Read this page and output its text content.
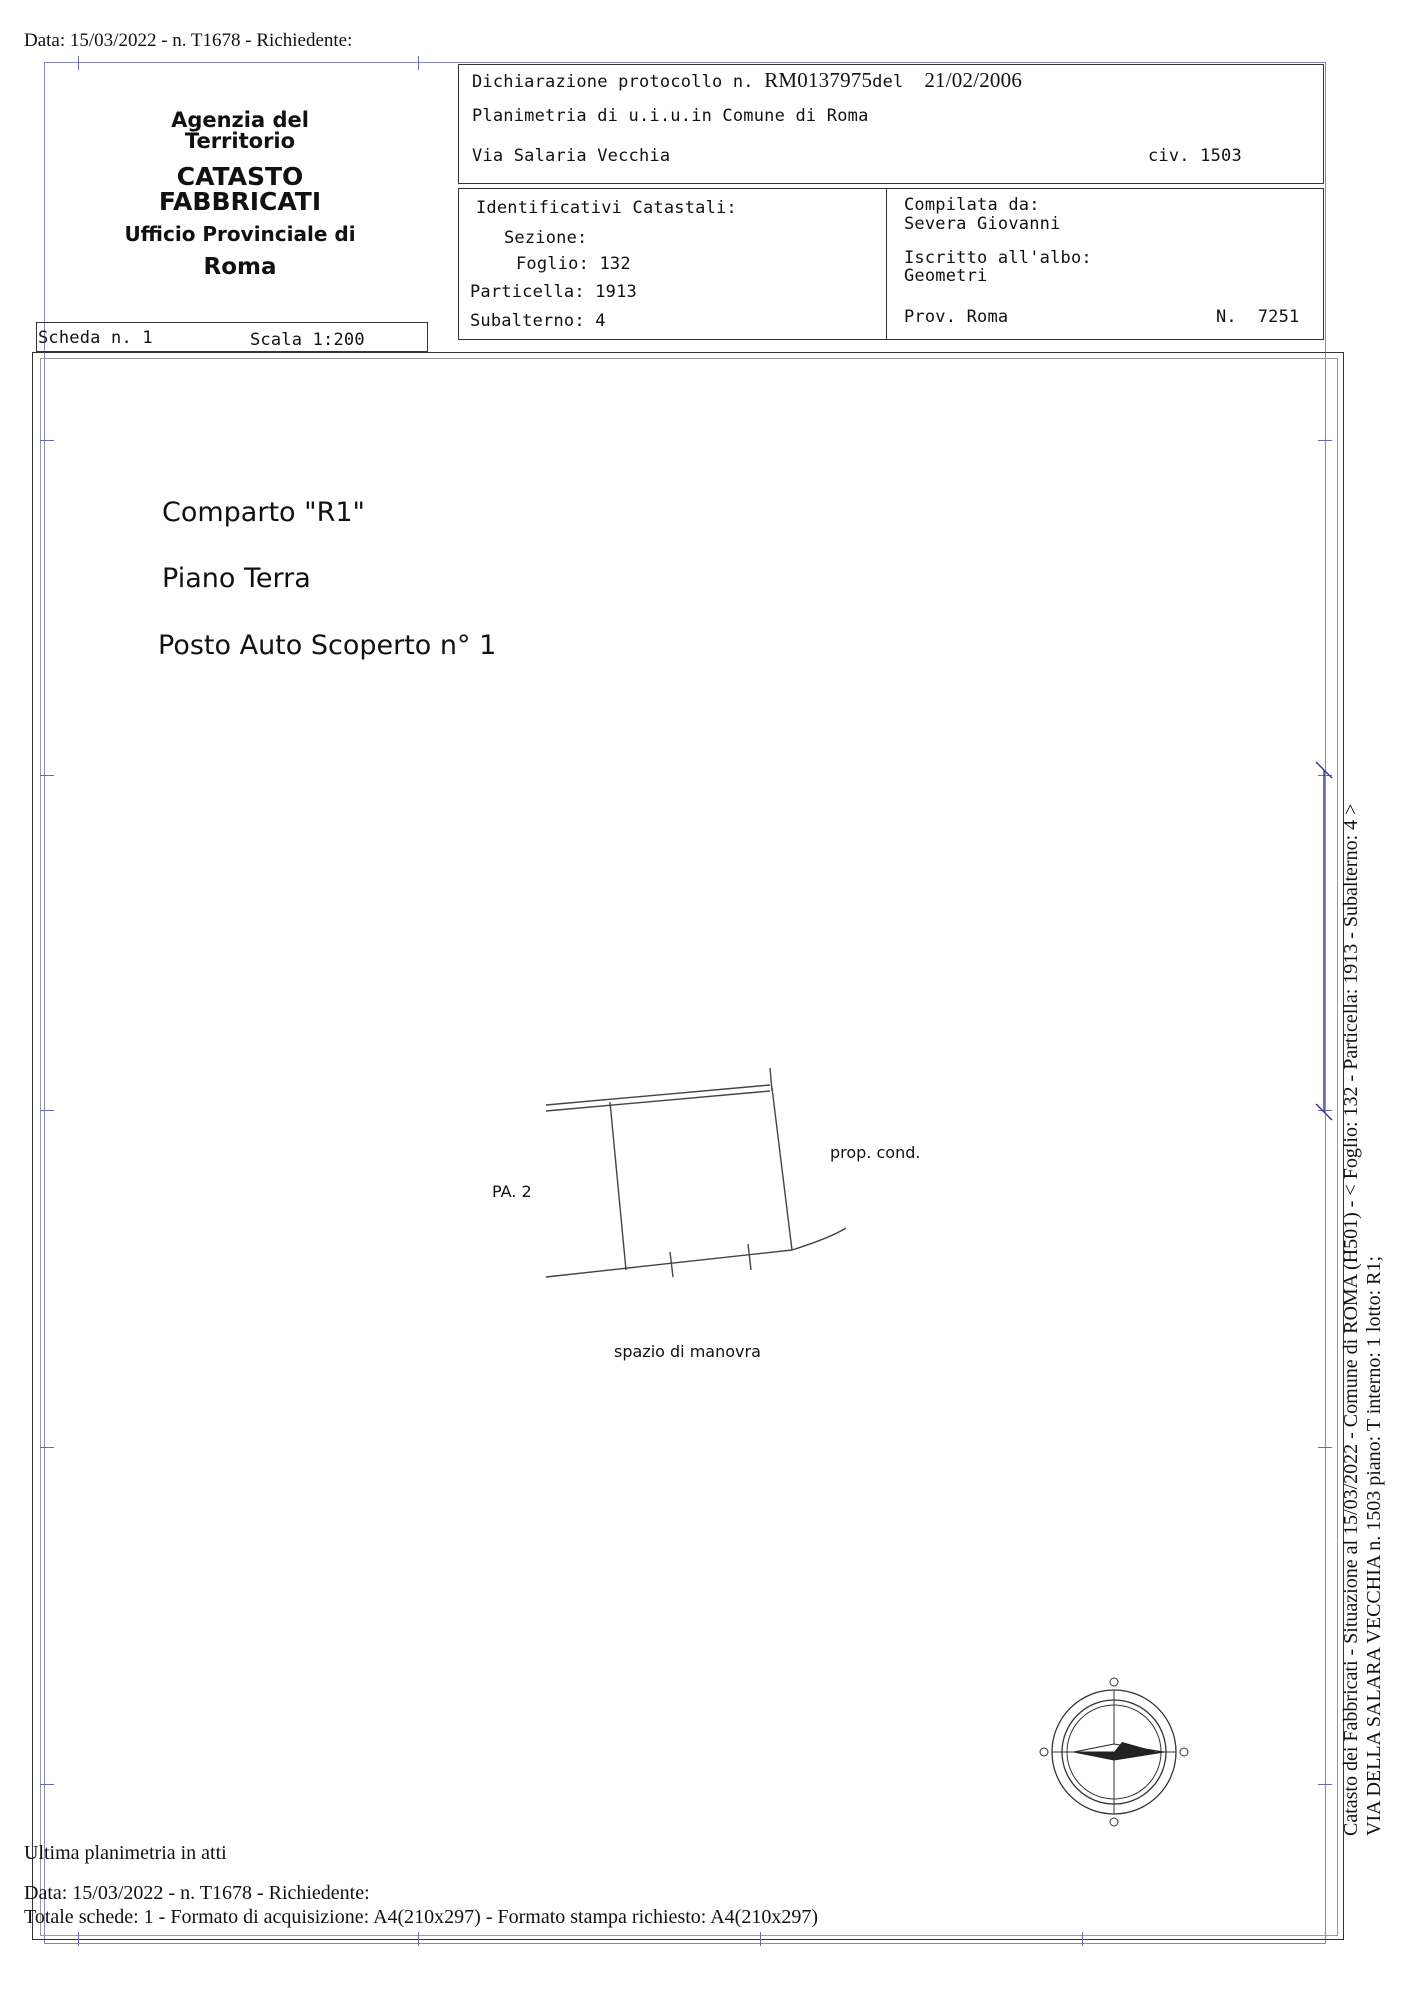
Data: 15/03/2022 - n. T1678 - Richiedente:
Agenzia del Territorio
CATASTO FABBRICATI
Ufficio Provinciale di
Roma
Dichiarazione protocollo n. RM0137975del 21/02/2006
Planimetria di u.i.u.in Comune di Roma
Via Salaria Vecchia	civ. 1503
Identificativi Catastali:
Sezione:
Foglio: 132
Particella: 1913
Subalterno: 4
Compilata da:
Severa Giovanni
Iscritto all'albo:
Geometri
Prov. Roma	N.  7251
Scheda n. 1	Scala 1:200
Comparto "R1"
Piano Terra
Posto Auto Scoperto n° 1
PA. 2
prop. cond.
spazio di manovra	Catasto dei Fabbricati - Situazione al 15/03/2022 - Comune di ROMA (H501) - < Foglio: 132 - Particella: 1913 - Subalterno: 4 > VIA DELLA SALARA VECCHIA n. 1503 piano: T interno: 1 lotto: R1;
Ultima planimetria in atti
Data: 15/03/2022 - n. T1678 - Richiedente:
Totale schede: 1 - Formato di acquisizione: A4(210x297) - Formato stampa richiesto: A4(210x297)
